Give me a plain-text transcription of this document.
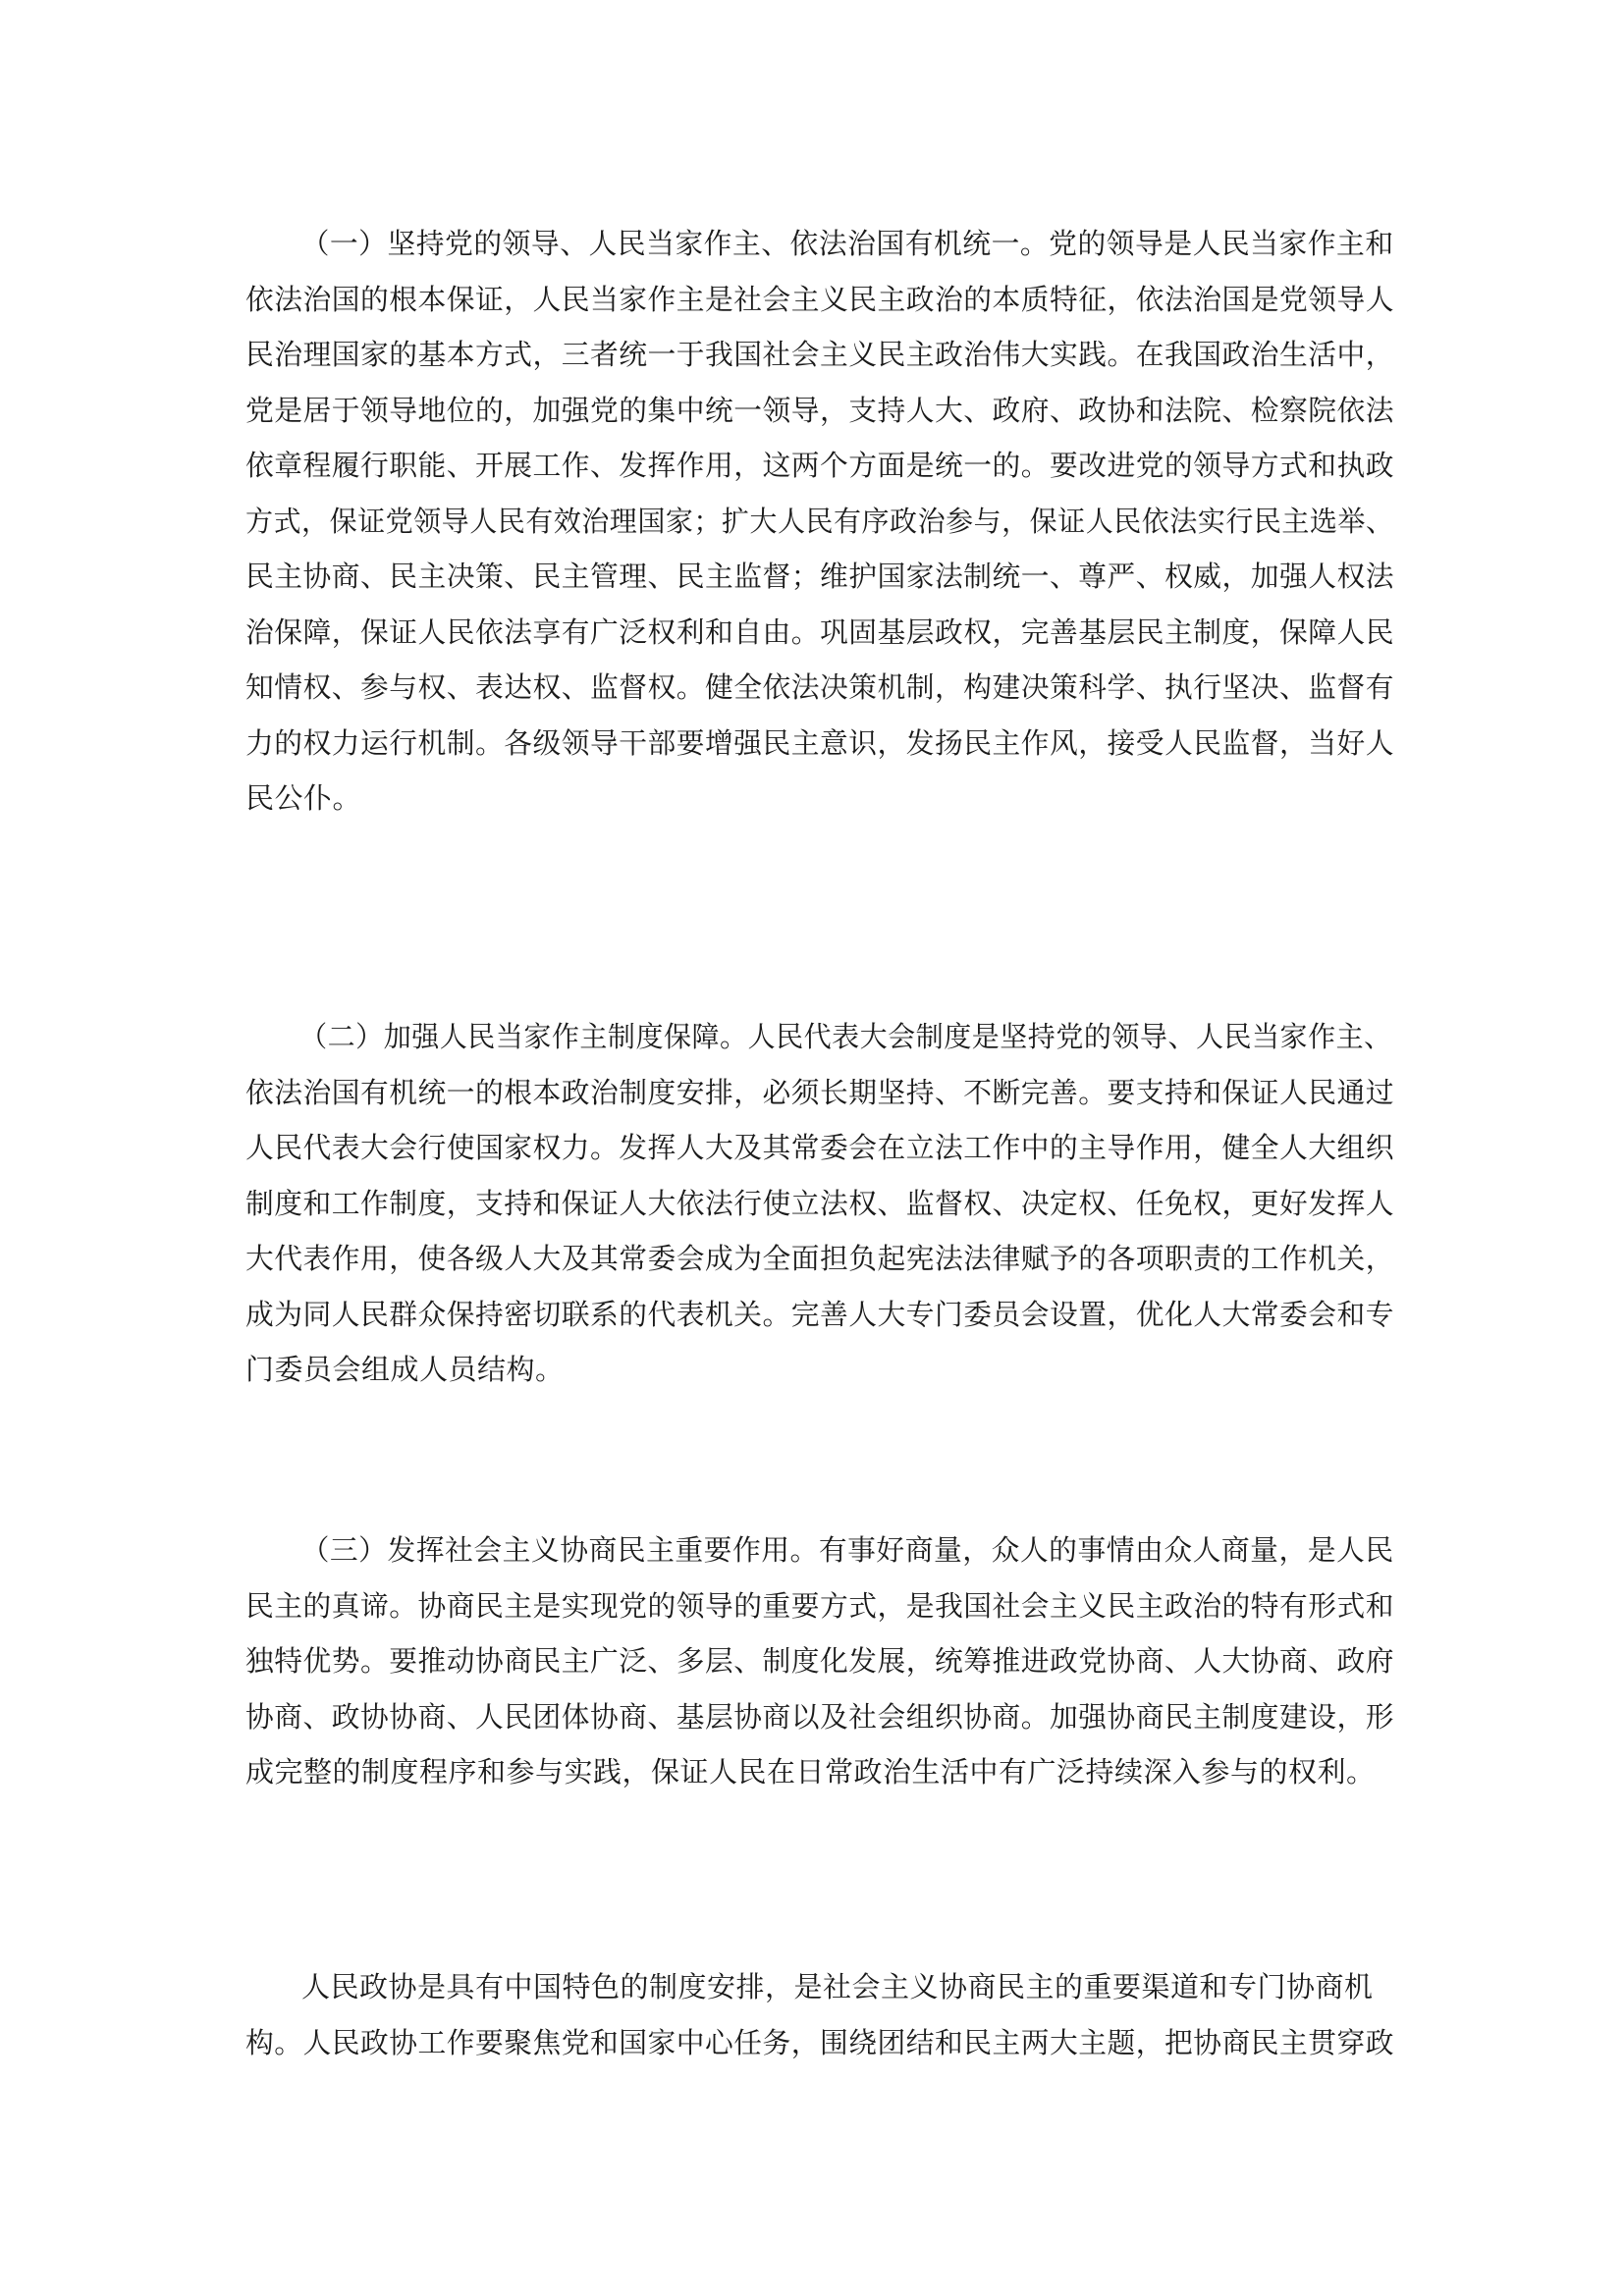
（一）坚持党的领导、人民当家作主、依法治国有机统一。党的领导是人民当家作主和
依法治国的根本保证，人民当家作主是社会主义民主政治的本质特征，依法治国是党领导人
民治理国家的基本方式，三者统一于我国社会主义民主政治伟大实践。在我国政治生活中，
党是居于领导地位的，加强党的集中统一领导，支持人大、政府、政协和法院、检察院依法
依章程履行职能、开展工作、发挥作用，这两个方面是统一的。要改进党的领导方式和执政
方式，保证党领导人民有效治理国家；扩大人民有序政治参与，保证人民依法实行民主选举、
民主协商、民主决策、民主管理、民主监督；维护国家法制统一、尊严、权威，加强人权法
治保障，保证人民依法享有广泛权利和自由。巩固基层政权，完善基层民主制度，保障人民
知情权、参与权、表达权、监督权。健全依法决策机制，构建决策科学、执行坚决、监督有
力的权力运行机制。各级领导干部要增强民主意识，发扬民主作风，接受人民监督，当好人
民公仆。
（二）加强人民当家作主制度保障。人民代表大会制度是坚持党的领导、人民当家作主、
依法治国有机统一的根本政治制度安排，必须长期坚持、不断完善。要支持和保证人民通过
人民代表大会行使国家权力。发挥人大及其常委会在立法工作中的主导作用，健全人大组织
制度和工作制度，支持和保证人大依法行使立法权、监督权、决定权、任免权，更好发挥人
大代表作用，使各级人大及其常委会成为全面担负起宪法法律赋予的各项职责的工作机关，
成为同人民群众保持密切联系的代表机关。完善人大专门委员会设置，优化人大常委会和专
门委员会组成人员结构。
（三）发挥社会主义协商民主重要作用。有事好商量，众人的事情由众人商量，是人民
民主的真谛。协商民主是实现党的领导的重要方式，是我国社会主义民主政治的特有形式和
独特优势。要推动协商民主广泛、多层、制度化发展，统筹推进政党协商、人大协商、政府
协商、政协协商、人民团体协商、基层协商以及社会组织协商。加强协商民主制度建设，形
成完整的制度程序和参与实践，保证人民在日常政治生活中有广泛持续深入参与的权利。
人民政协是具有中国特色的制度安排，是社会主义协商民主的重要渠道和专门协商机
构。人民政协工作要聚焦党和国家中心任务，围绕团结和民主两大主题，把协商民主贯穿政
